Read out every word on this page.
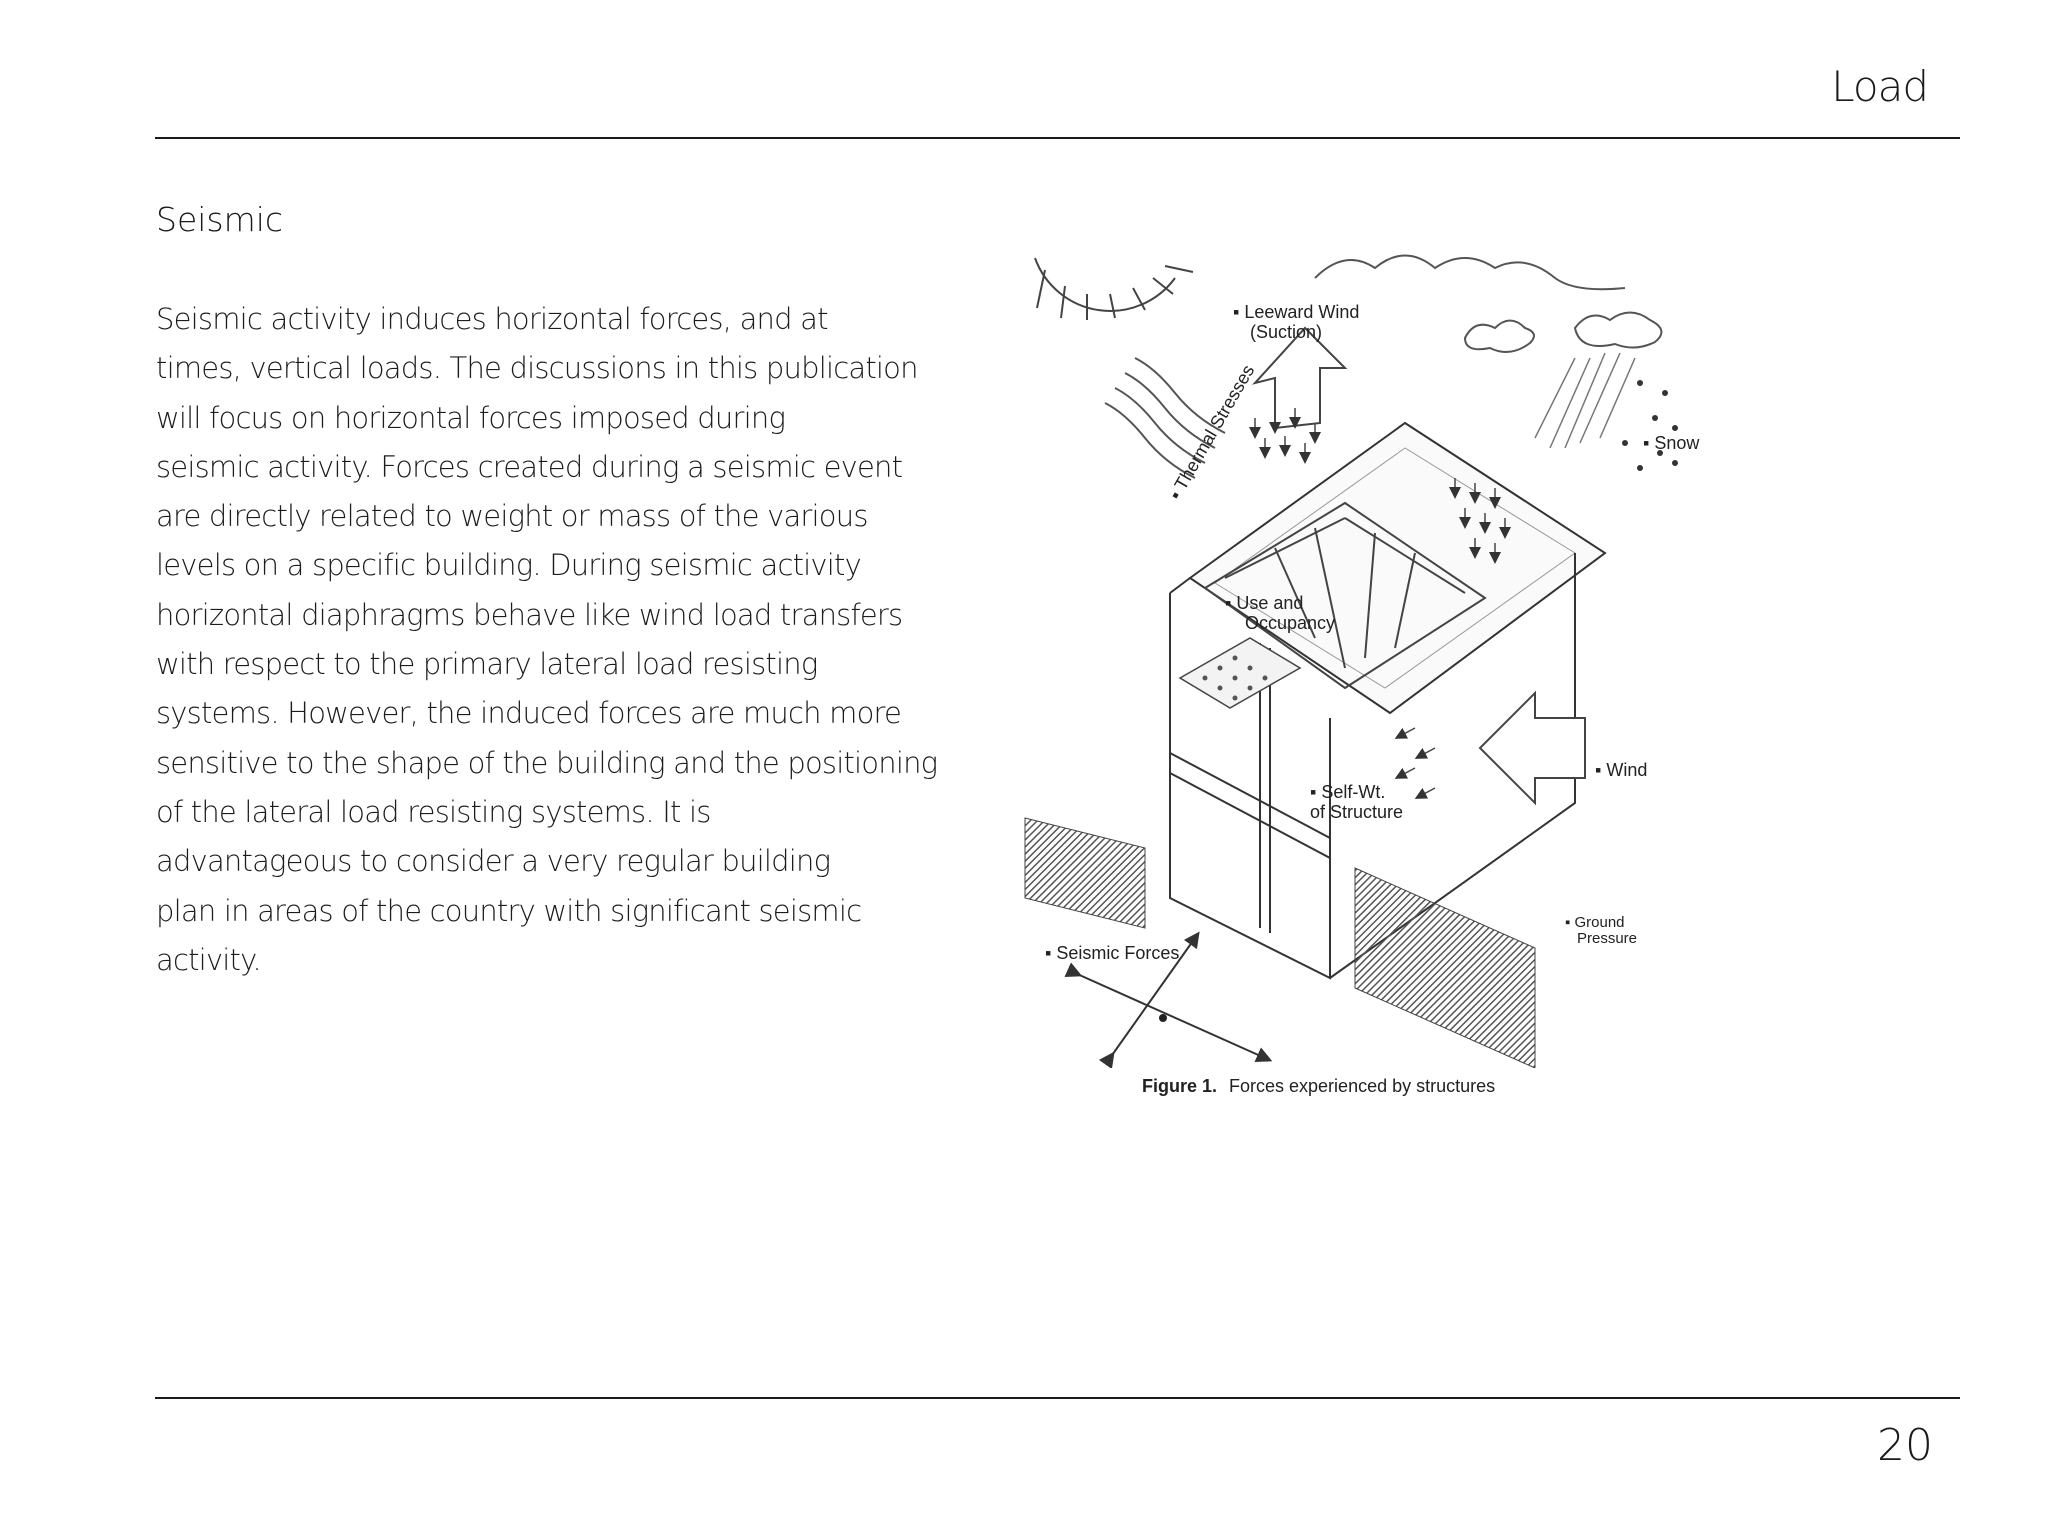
Load
Seismic
Seismic activity induces horizontal forces, and at
times, vertical loads. The discussions in this publication
will focus on horizontal forces imposed during
seismic activity. Forces created during a seismic event
are directly related to weight or mass of the various
levels on a specific building. During seismic activity
horizontal diaphragms behave like wind load transfers
with respect to the primary lateral load resisting
systems. However, the induced forces are much more
sensitive to the shape of the building and the positioning
of the lateral load resisting systems. It is
advantageous to consider a very regular building
plan in areas of the country with significant seismic
activity.
▪ Leeward Wind
(Suction)
▪ Snow
▪ Thermal Stresses
▪ Use and
Occupancy
▪ Wind
▪ Self-Wt.
of Structure
▪ Ground
Pressure
▪ Seismic Forces
Figure 1. Forces experienced by structures
20
